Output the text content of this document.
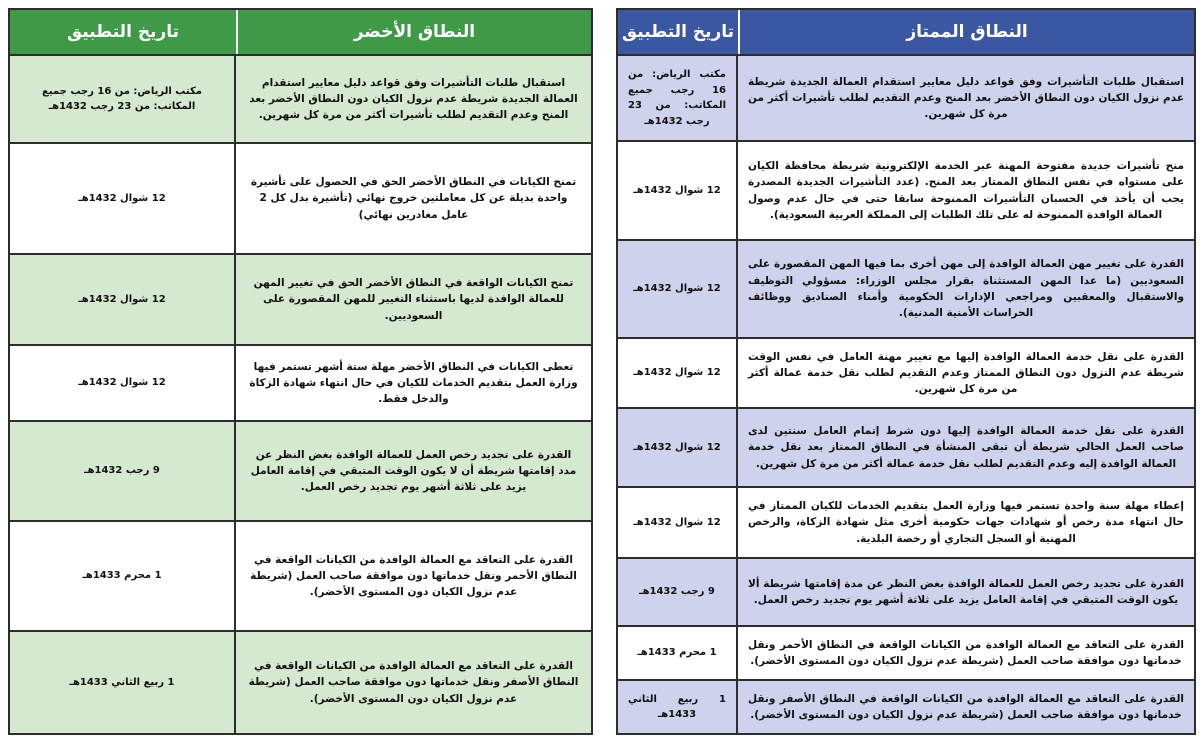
النطاق الأخضر
تاريخ التطبيق
استقبال طلبات التأشيرات وفق قواعد دليل معايير استقدام العمالة الجديدة شريطة عدم نزول الكيان دون النطاق الأخضر بعد المنح وعدم التقديم لطلب تأشيرات أكثر من مرة كل شهرين.
مكتب الرياض: من 16 رجب جميع المكاتب: من 23 رجب 1432هـ
تمنح الكيانات في النطاق الأخضر الحق في الحصول على تأشيرة واحدة بديلة عن كل معاملتين خروج نهائي (تأشيرة بدل كل 2 عامل مغادرين نهائي)
12 شوال 1432هـ
تمنح الكيانات الواقعة في النطاق الأخضر الحق في تغيير المهن للعمالة الوافدة لديها باستثناء التغيير للمهن المقصورة على السعوديين.
12 شوال 1432هـ
تعطى الكيانات في النطاق الأخضر مهلة ستة أشهر تستمر فيها وزارة العمل بتقديم الخدمات للكيان في حال انتهاء شهادة الزكاة والدخل فقط.
12 شوال 1432هـ
القدرة على تجديد رخص العمل للعمالة الوافدة بغض النظر عن مدد إقامتها شريطة أن لا يكون الوقت المتبقي في إقامة العامل يزيد على ثلاثة أشهر يوم تجديد رخص العمل.
9 رجب 1432هـ
القدرة على التعاقد مع العمالة الوافدة من الكيانات الواقعة في النطاق الأحمر ونقل خدماتها دون موافقة صاحب العمل (شريطة عدم نزول الكيان دون المستوى الأخضر).
1 محرم 1433هـ
القدرة على التعاقد مع العمالة الوافدة من الكيانات الواقعة في النطاق الأصفر ونقل خدماتها دون موافقة صاحب العمل (شريطة عدم نزول الكيان دون المستوى الأخضر).
1 ربيع الثاني 1433هـ
النطاق الممتاز
تاريخ التطبيق
استقبال طلبات التأشيرات وفق قواعد دليل معايير استقدام العمالة الجديدة شريطة عدم نزول الكيان دون النطاق الأخضر بعد المنح وعدم التقديم لطلب تأشيرات أكثر من مرة كل شهرين.
مكتب الرياض: من 16 رجب جميع المكاتب: من 23 رجب 1432هـ
منح تأشيرات جديدة مفتوحة المهنة عبر الخدمة الإلكترونية شريطة محافظة الكيان على مستواه في نفس النطاق الممتاز بعد المنح. (عدد التأشيرات الجديدة المصدرة يجب أن يأخذ في الحسبان التأشيرات الممنوحة سابقا حتى في حال عدم وصول العمالة الوافدة الممنوحة له على تلك الطلبات إلى المملكة العربية السعودية).
12 شوال 1432هـ
القدرة على تغيير مهن العمالة الوافدة إلى مهن أخرى بما فيها المهن المقصورة على السعوديين (ما عدا المهن المستثناة بقرار مجلس الوزراء: مسؤولي التوظيف والاستقبال والمعقبين ومراجعي الإدارات الحكومية وأمناء الصناديق ووظائف الحراسات الأمنية المدنية).
12 شوال 1432هـ
القدرة على نقل خدمة العمالة الوافدة إليها مع تغيير مهنة العامل في نفس الوقت شريطة عدم النزول دون النطاق الممتاز وعدم التقديم لطلب نقل خدمة عمالة أكثر من مرة كل شهرين.
12 شوال 1432هـ
القدرة على نقل خدمة العمالة الوافدة إليها دون شرط إتمام العامل سنتين لدى صاحب العمل الحالي شريطة أن تبقى المنشأة في النطاق الممتاز بعد نقل خدمة العمالة الوافدة إليه وعدم التقديم لطلب نقل خدمة عمالة أكثر من مرة كل شهرين.
12 شوال 1432هـ
إعطاء مهلة سنة واحدة تستمر فيها وزارة العمل بتقديم الخدمات للكيان الممتاز في حال انتهاء مدة رخص أو شهادات جهات حكومية أخرى مثل شهادة الزكاة، والرخص المهنية أو السجل التجاري أو رخصة البلدية.
12 شوال 1432هـ
القدرة على تجديد رخص العمل للعمالة الوافدة بغض النظر عن مدة إقامتها شريطة ألا يكون الوقت المتبقي في إقامة العامل يزيد على ثلاثة أشهر يوم تجديد رخص العمل.
9 رجب 1432هـ
القدرة على التعاقد مع العمالة الوافدة من الكيانات الواقعة في النطاق الأحمر ونقل خدماتها دون موافقة صاحب العمل (شريطة عدم نزول الكيان دون المستوى الأخضر).
1 محرم 1433هـ
القدرة على التعاقد مع العمالة الوافدة من الكيانات الواقعة في النطاق الأصفر ونقل خدماتها دون موافقة صاحب العمل (شريطة عدم نزول الكيان دون المستوى الأخضر).
1 ربيع الثاني 1433هـ
